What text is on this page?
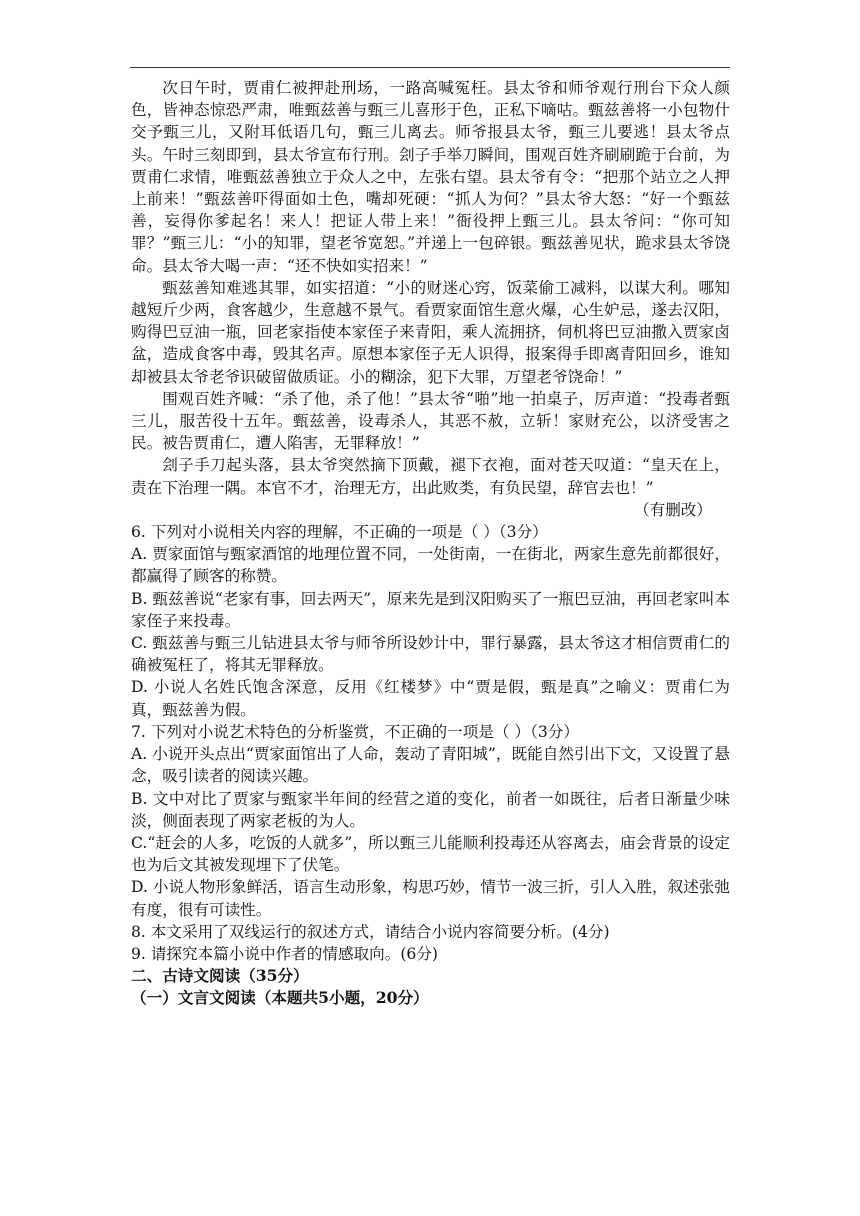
次日午时，贾甫仁被押赴刑场，一路高喊冤枉。县太爷和师爷观行刑台下众人颜色，皆神态惊恐严肃，唯甄兹善与甄三儿喜形于色，正私下嘀咕。甄兹善将一小包物什交予甄三儿，又附耳低语几句，甄三儿离去。师爷报县太爷，甄三儿要逃！县太爷点头。午时三刻即到，县太爷宣布行刑。刽子手举刀瞬间，围观百姓齐刷刷跪于台前，为贾甫仁求情，唯甄兹善独立于众人之中，左张右望。县太爷有令：“把那个站立之人押上前来！”甄兹善吓得面如土色，嘴却死硬：“抓人为何？”县太爷大怒：“好一个甄兹善，妄得你爹起名！来人！把证人带上来！”衙役押上甄三儿。县太爷问：“你可知罪？”甄三儿：“小的知罪，望老爷宽恕。”并递上一包碎银。甄兹善见状，跪求县太爷饶命。县太爷大喝一声：“还不快如实招来！”

甄兹善知难逃其罪，如实招道：“小的财迷心窍，饭菜偷工减料，以谋大利。哪知越短斤少两，食客越少，生意越不景气。看贾家面馆生意火爆，心生妒忌，遂去汉阳，购得巴豆油一瓶，回老家指使本家侄子来青阳，乘人流拥挤，伺机将巴豆油撒入贾家卤盆，造成食客中毒，毁其名声。原想本家侄子无人识得，报案得手即离青阳回乡，谁知却被县太爷老爷识破留做质证。小的糊涂，犯下大罪，万望老爷饶命！”

围观百姓齐喊：“杀了他，杀了他！”县太爷“啪”地一拍桌子，厉声道：“投毒者甄三儿，服苦役十五年。甄兹善，设毒杀人，其恶不赦，立斩！家财充公，以济受害之民。被告贾甫仁，遭人陷害，无罪释放！”

刽子手刀起头落，县太爷突然摘下顶戴，褪下衣袍，面对苍天叹道：“皇天在上，责在下治理一隅。本官不才，治理无方，出此败类，有负民望，辞官去也！”

（有删改）

6. 下列对小说相关内容的理解，不正确的一项是（ ）（3分）

A. 贾家面馆与甄家酒馆的地理位置不同，一处街南，一在街北，两家生意先前都很好，都赢得了顾客的称赞。

B. 甄兹善说“老家有事，回去两天”，原来先是到汉阳购买了一瓶巴豆油，再回老家叫本家侄子来投毒。

C. 甄兹善与甄三儿钻进县太爷与师爷所设妙计中，罪行暴露，县太爷这才相信贾甫仁的确被冤枉了，将其无罪释放。

D. 小说人名姓氏饱含深意，反用《红楼梦》中“贾是假，甄是真”之喻义：贾甫仁为真，甄兹善为假。

7. 下列对小说艺术特色的分析鉴赏，不正确的一项是（ ）（3分）

A. 小说开头点出“贾家面馆出了人命，轰动了青阳城”，既能自然引出下文，又设置了悬念，吸引读者的阅读兴趣。

B. 文中对比了贾家与甄家半年间的经营之道的变化，前者一如既往，后者日渐量少味淡，侧面表现了两家老板的为人。

C.“赶会的人多，吃饭的人就多”，所以甄三儿能顺利投毒还从容离去，庙会背景的设定也为后文其被发现埋下了伏笔。

D. 小说人物形象鲜活，语言生动形象，构思巧妙，情节一波三折，引人入胜，叙述张弛有度，很有可读性。

8. 本文采用了双线运行的叙述方式，请结合小说内容简要分析。(4分)

9. 请探究本篇小说中作者的情感取向。(6分)

二、古诗文阅读（35分）

（一）文言文阅读（本题共5小题，20分）
